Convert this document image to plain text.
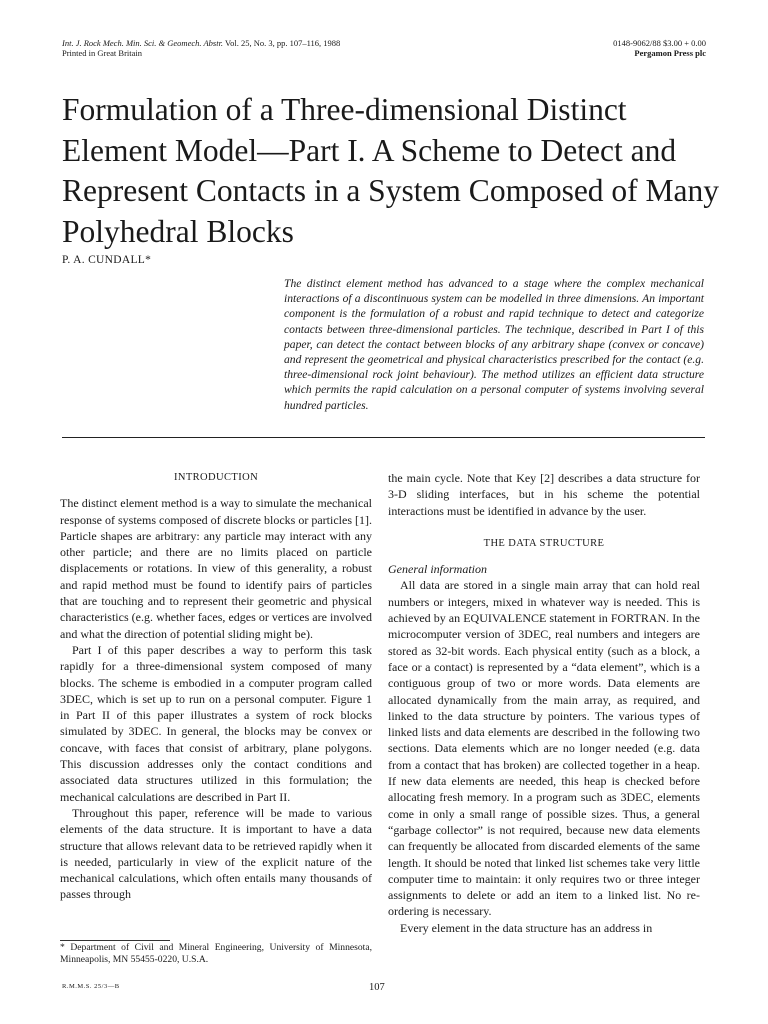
Int. J. Rock Mech. Min. Sci. & Geomech. Abstr. Vol. 25, No. 3, pp. 107–116, 1988
Printed in Great Britain
0148-9062/88 $3.00 + 0.00
Pergamon Press plc
Formulation of a Three-dimensional Distinct Element Model—Part I. A Scheme to Detect and Represent Contacts in a System Composed of Many Polyhedral Blocks
P. A. CUNDALL*

The distinct element method has advanced to a stage where the complex mechanical interactions of a discontinuous system can be modelled in three dimensions. An important component is the formulation of a robust and rapid technique to detect and categorize contacts between three-dimensional particles. The technique, described in Part I of this paper, can detect the contact between blocks of any arbitrary shape (convex or concave) and represent the geometrical and physical characteristics prescribed for the contact (e.g. three-dimensional rock joint behaviour). The method utilizes an efficient data structure which permits the rapid calculation on a personal computer of systems involving several hundred particles.

INTRODUCTION

The distinct element method is a way to simulate the mechanical response of systems composed of discrete blocks or particles [1]. Particle shapes are arbitrary: any particle may interact with any other particle; and there are no limits placed on particle displacements or rotations. In view of this generality, a robust and rapid method must be found to identify pairs of particles that are touching and to represent their geometric and physical characteristics (e.g. whether faces, edges or vertices are involved and what the direction of potential sliding might be).

Part I of this paper describes a way to perform this task rapidly for a three-dimensional system composed of many blocks. The scheme is embodied in a computer program called 3DEC, which is set up to run on a personal computer. Figure 1 in Part II of this paper illustrates a system of rock blocks simulated by 3DEC. In general, the blocks may be convex or concave, with faces that consist of arbitrary, plane polygons. This discussion addresses only the contact conditions and associated data structures utilized in this formulation; the mechanical calculations are described in Part II.

Throughout this paper, reference will be made to various elements of the data structure. It is important to have a data structure that allows relevant data to be retrieved rapidly when it is needed, particularly in view of the explicit nature of the mechanical calculations, which often entails many thousands of passes through

the main cycle. Note that Key [2] describes a data structure for 3-D sliding interfaces, but in his scheme the potential interactions must be identified in advance by the user.

THE DATA STRUCTURE

General information

All data are stored in a single main array that can hold real numbers or integers, mixed in whatever way is needed. This is achieved by an EQUIVALENCE statement in FORTRAN. In the microcomputer version of 3DEC, real numbers and integers are stored as 32-bit words. Each physical entity (such as a block, a face or a contact) is represented by a “data element”, which is a contiguous group of two or more words. Data elements are allocated dynamically from the main array, as required, and linked to the data structure by pointers. The various types of linked lists and data elements are described in the following two sections. Data elements which are no longer needed (e.g. data from a contact that has broken) are collected together in a heap. If new data elements are needed, this heap is checked before allocating fresh memory. In a program such as 3DEC, elements come in only a small range of possible sizes. Thus, a general “garbage collector” is not required, because new data elements can frequently be allocated from discarded elements of the same length. It should be noted that linked list schemes take very little computer time to maintain: it only requires two or three integer assignments to delete or add an item to a linked list. No re-ordering is necessary.

Every element in the data structure has an address in

* Department of Civil and Mineral Engineering, University of Minnesota, Minneapolis, MN 55455-0220, U.S.A.
R.M.M.S. 25/3—B	107
